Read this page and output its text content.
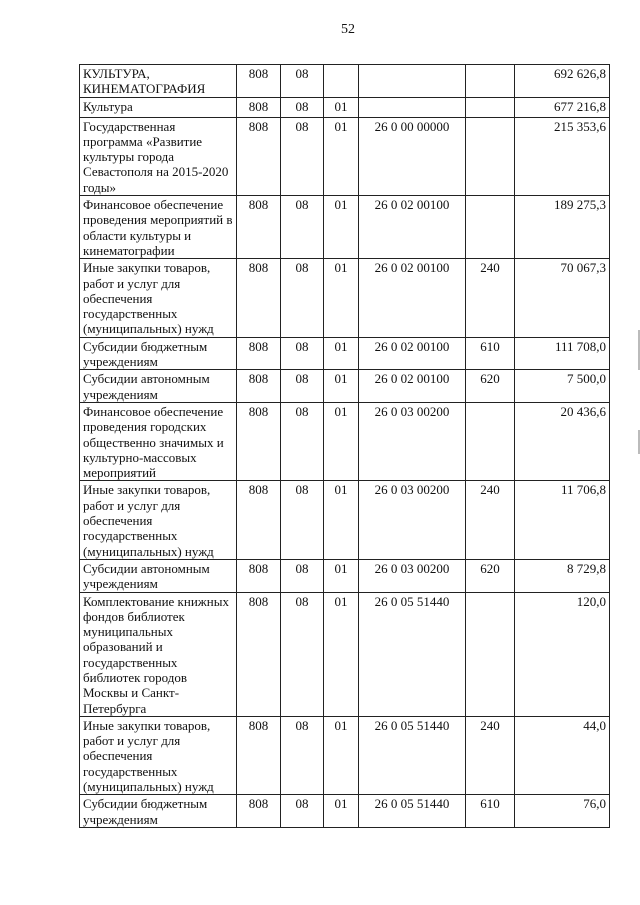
52
КУЛЬТУРА, КИНЕМАТОГРАФИЯ	808	08				692 626,8
Культура	808	08	01			677 216,8
Государственная программа «Развитие культуры города Севастополя на 2015-2020 годы»	808	08	01	26 0 00 00000		215 353,6
Финансовое обеспечение проведения мероприятий в области культуры и кинематографии	808	08	01	26 0 02 00100		189 275,3
Иные закупки товаров, работ и услуг для обеспечения государственных (муниципальных) нужд	808	08	01	26 0 02 00100	240	70 067,3
Субсидии бюджетным учреждениям	808	08	01	26 0 02 00100	610	111 708,0
Субсидии автономным учреждениям	808	08	01	26 0 02 00100	620	7 500,0
Финансовое обеспечение проведения городских общественно значимых и культурно-массовых мероприятий	808	08	01	26 0 03 00200		20 436,6
Иные закупки товаров, работ и услуг для обеспечения государственных (муниципальных) нужд	808	08	01	26 0 03 00200	240	11 706,8
Субсидии автономным учреждениям	808	08	01	26 0 03 00200	620	8 729,8
Комплектование книжных фондов библиотек муниципальных образований и государственных библиотек городов Москвы и Санкт-Петербурга	808	08	01	26 0 05 51440		120,0
Иные закупки товаров, работ и услуг для обеспечения государственных (муниципальных) нужд	808	08	01	26 0 05 51440	240	44,0
Субсидии бюджетным учреждениям	808	08	01	26 0 05 51440	610	76,0
